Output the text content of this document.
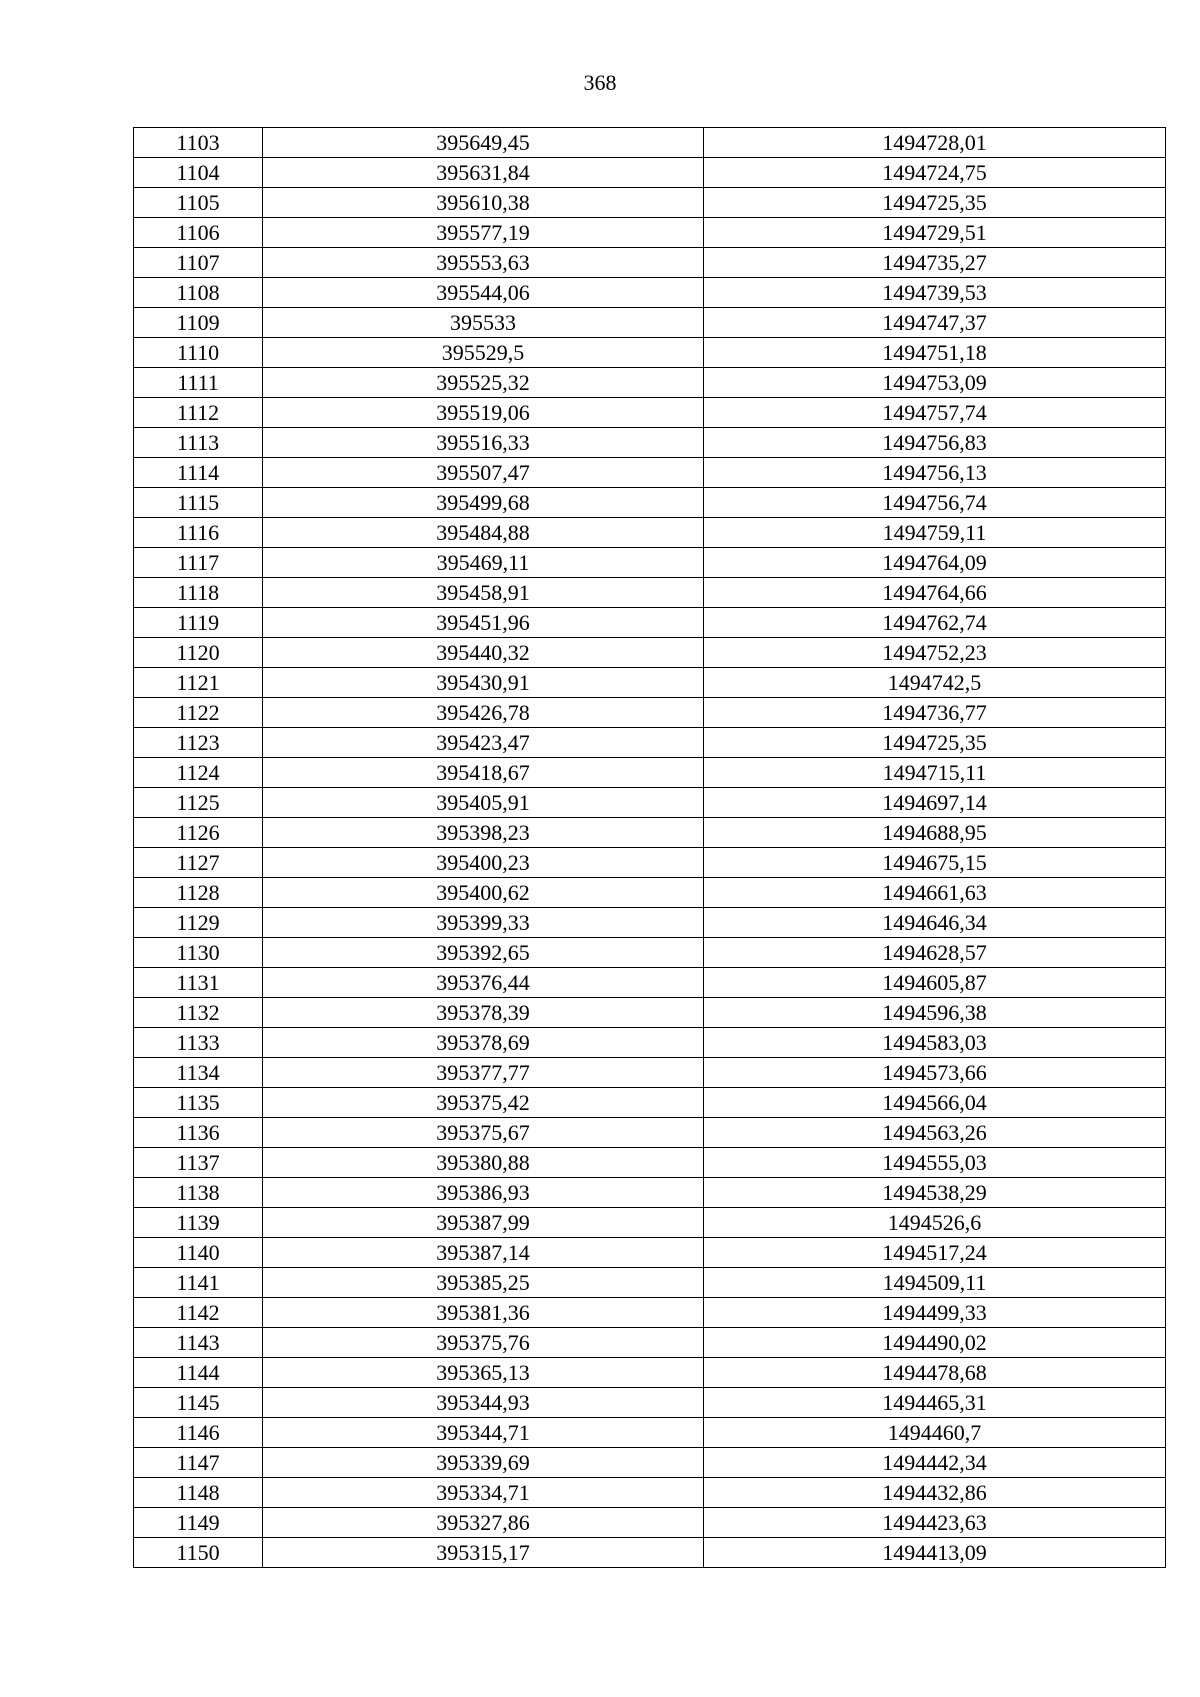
368
1103	395649,45	1494728,01
1104	395631,84	1494724,75
1105	395610,38	1494725,35
1106	395577,19	1494729,51
1107	395553,63	1494735,27
1108	395544,06	1494739,53
1109	395533	1494747,37
1110	395529,5	1494751,18
1111	395525,32	1494753,09
1112	395519,06	1494757,74
1113	395516,33	1494756,83
1114	395507,47	1494756,13
1115	395499,68	1494756,74
1116	395484,88	1494759,11
1117	395469,11	1494764,09
1118	395458,91	1494764,66
1119	395451,96	1494762,74
1120	395440,32	1494752,23
1121	395430,91	1494742,5
1122	395426,78	1494736,77
1123	395423,47	1494725,35
1124	395418,67	1494715,11
1125	395405,91	1494697,14
1126	395398,23	1494688,95
1127	395400,23	1494675,15
1128	395400,62	1494661,63
1129	395399,33	1494646,34
1130	395392,65	1494628,57
1131	395376,44	1494605,87
1132	395378,39	1494596,38
1133	395378,69	1494583,03
1134	395377,77	1494573,66
1135	395375,42	1494566,04
1136	395375,67	1494563,26
1137	395380,88	1494555,03
1138	395386,93	1494538,29
1139	395387,99	1494526,6
1140	395387,14	1494517,24
1141	395385,25	1494509,11
1142	395381,36	1494499,33
1143	395375,76	1494490,02
1144	395365,13	1494478,68
1145	395344,93	1494465,31
1146	395344,71	1494460,7
1147	395339,69	1494442,34
1148	395334,71	1494432,86
1149	395327,86	1494423,63
1150	395315,17	1494413,09
